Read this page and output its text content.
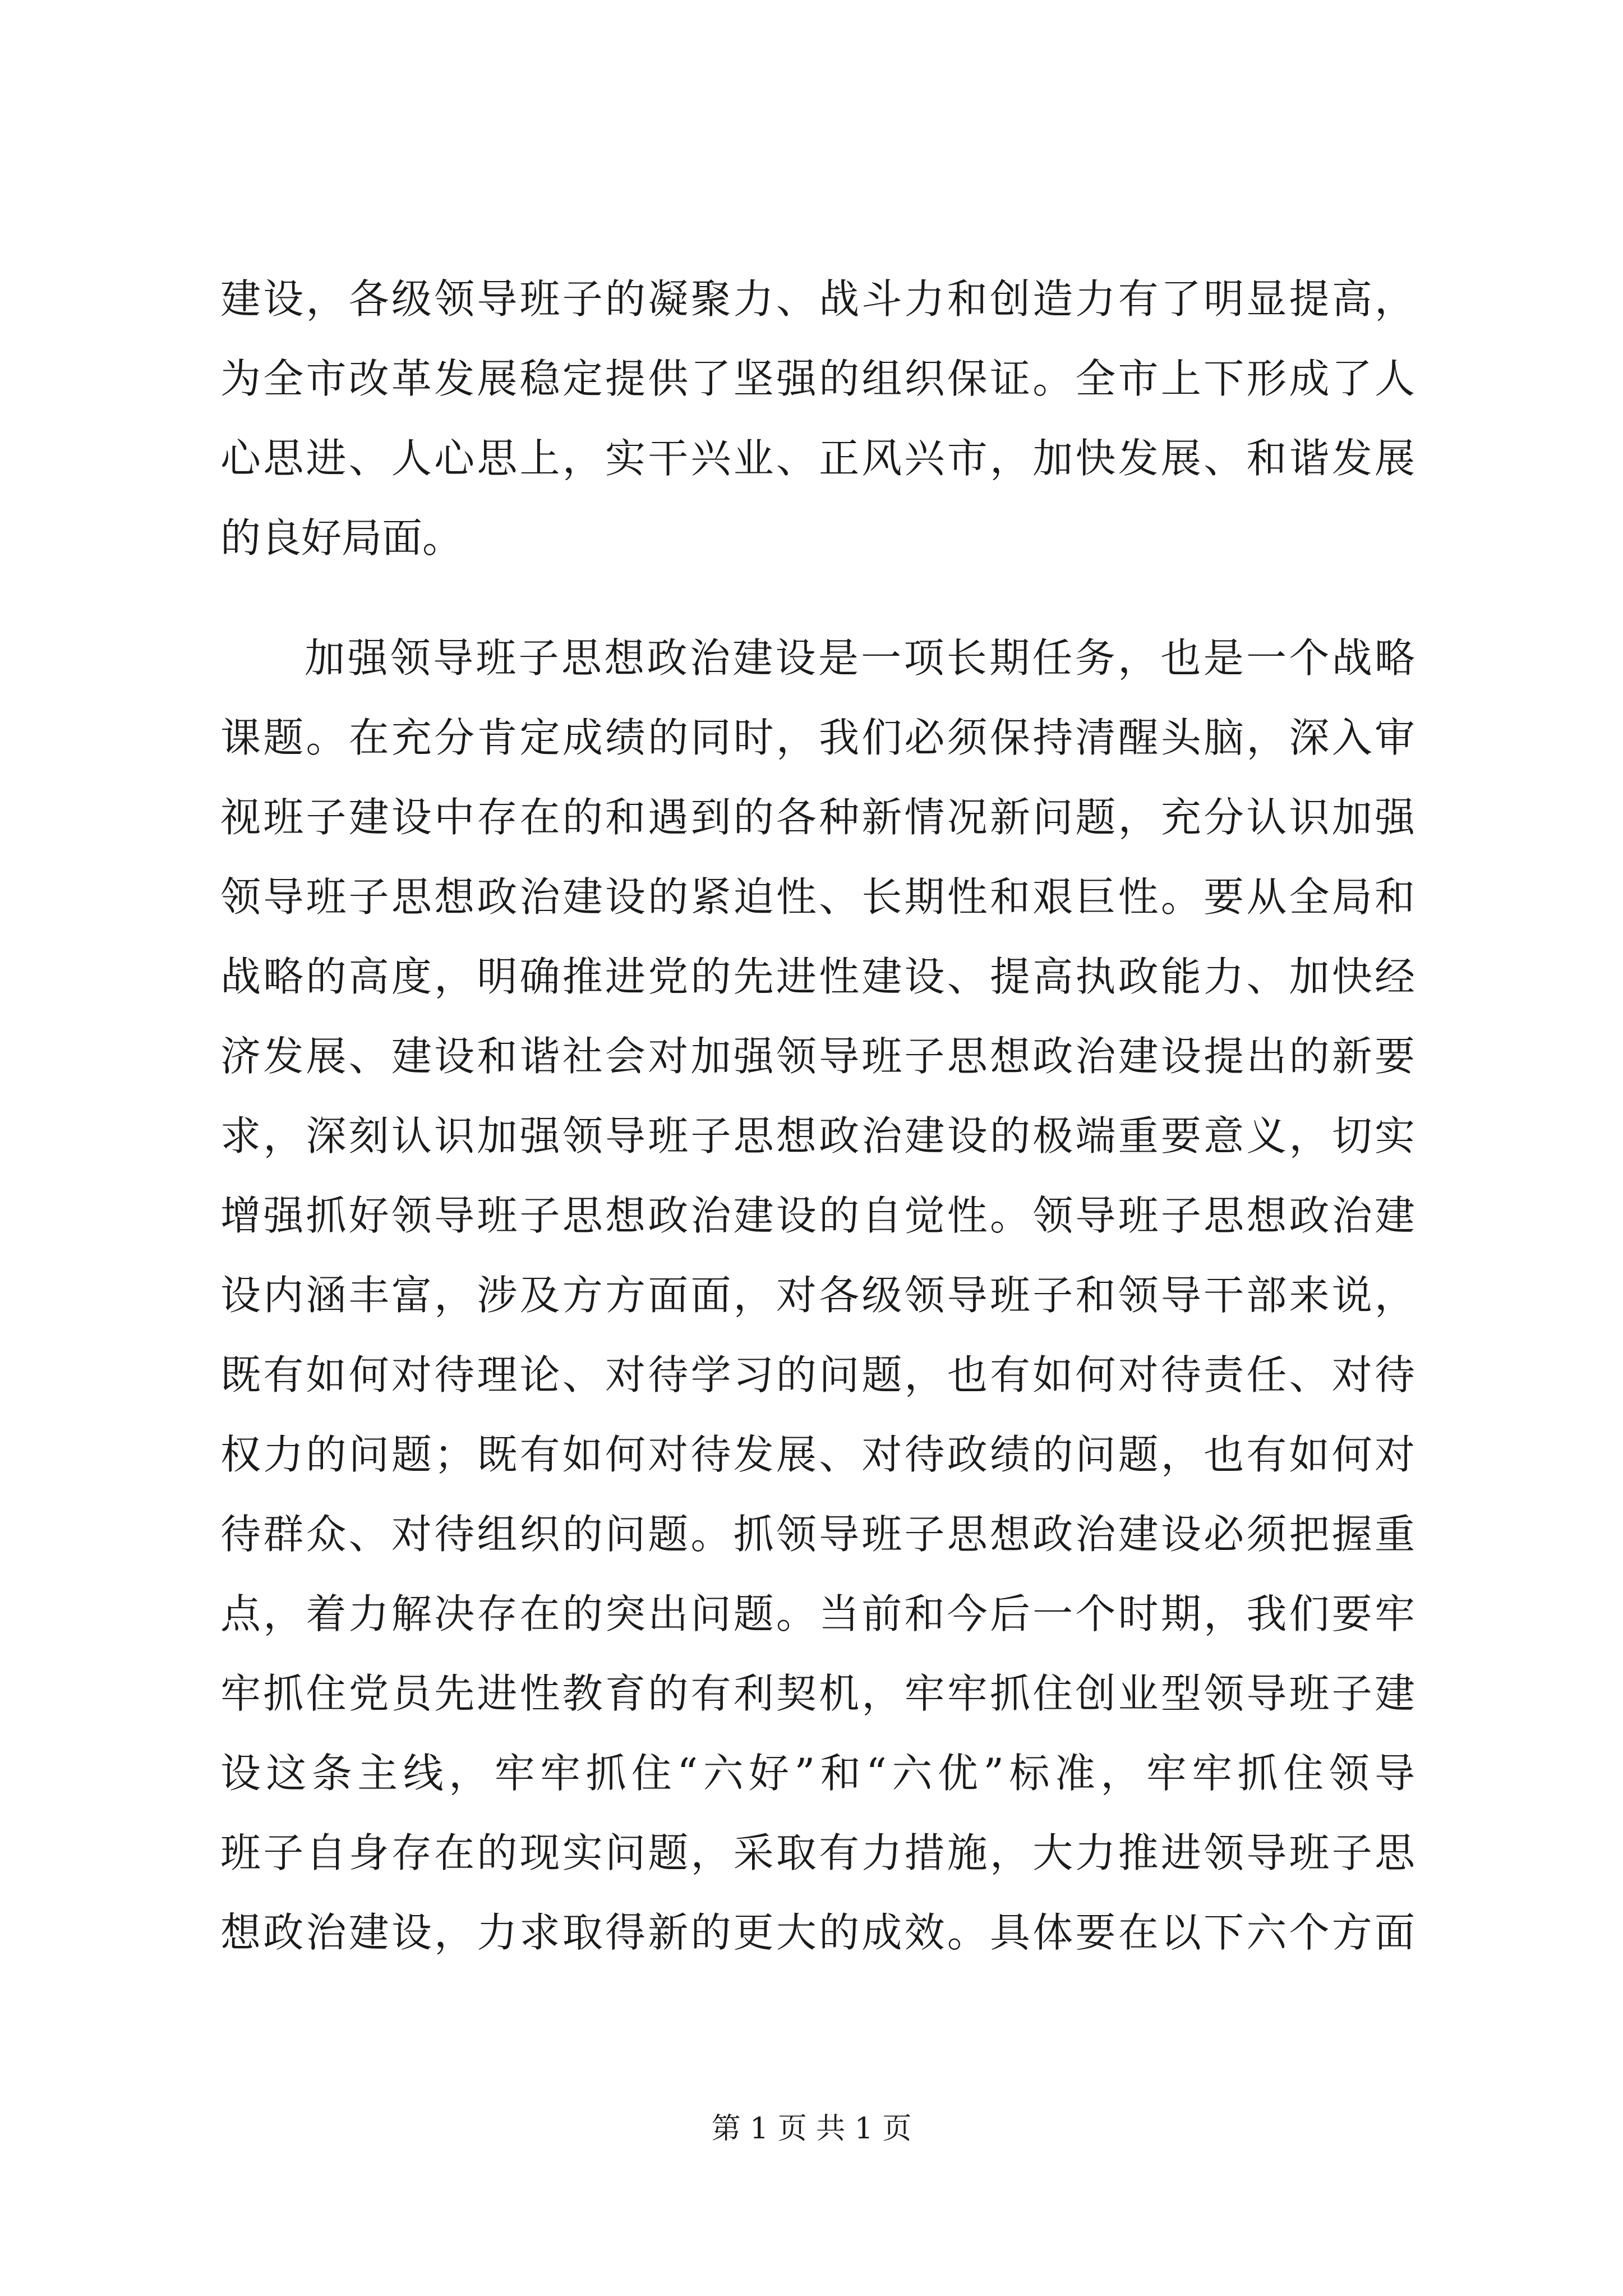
建设，各级领导班子的凝聚力、战斗力和创造力有了明显提高，
为全市改革发展稳定提供了坚强的组织保证。全市上下形成了人
心思进、人心思上，实干兴业、正风兴市，加快发展、和谐发展
的良好局面。
加强领导班子思想政治建设是一项长期任务，也是一个战略
课题。在充分肯定成绩的同时，我们必须保持清醒头脑，深入审
视班子建设中存在的和遇到的各种新情况新问题，充分认识加强
领导班子思想政治建设的紧迫性、长期性和艰巨性。要从全局和
战略的高度，明确推进党的先进性建设、提高执政能力、加快经
济发展、建设和谐社会对加强领导班子思想政治建设提出的新要
求，深刻认识加强领导班子思想政治建设的极端重要意义，切实
增强抓好领导班子思想政治建设的自觉性。领导班子思想政治建
设内涵丰富，涉及方方面面，对各级领导班子和领导干部来说，
既有如何对待理论、对待学习的问题，也有如何对待责任、对待
权力的问题；既有如何对待发展、对待政绩的问题，也有如何对
待群众、对待组织的问题。抓领导班子思想政治建设必须把握重
点，着力解决存在的突出问题。当前和今后一个时期，我们要牢
牢抓住党员先进性教育的有利契机，牢牢抓住创业型领导班子建
设这条主线，牢牢抓住“六好”和“六优”标准，牢牢抓住领导
班子自身存在的现实问题，采取有力措施，大力推进领导班子思
想政治建设，力求取得新的更大的成效。具体要在以下六个方面
第 1 页 共 1 页
